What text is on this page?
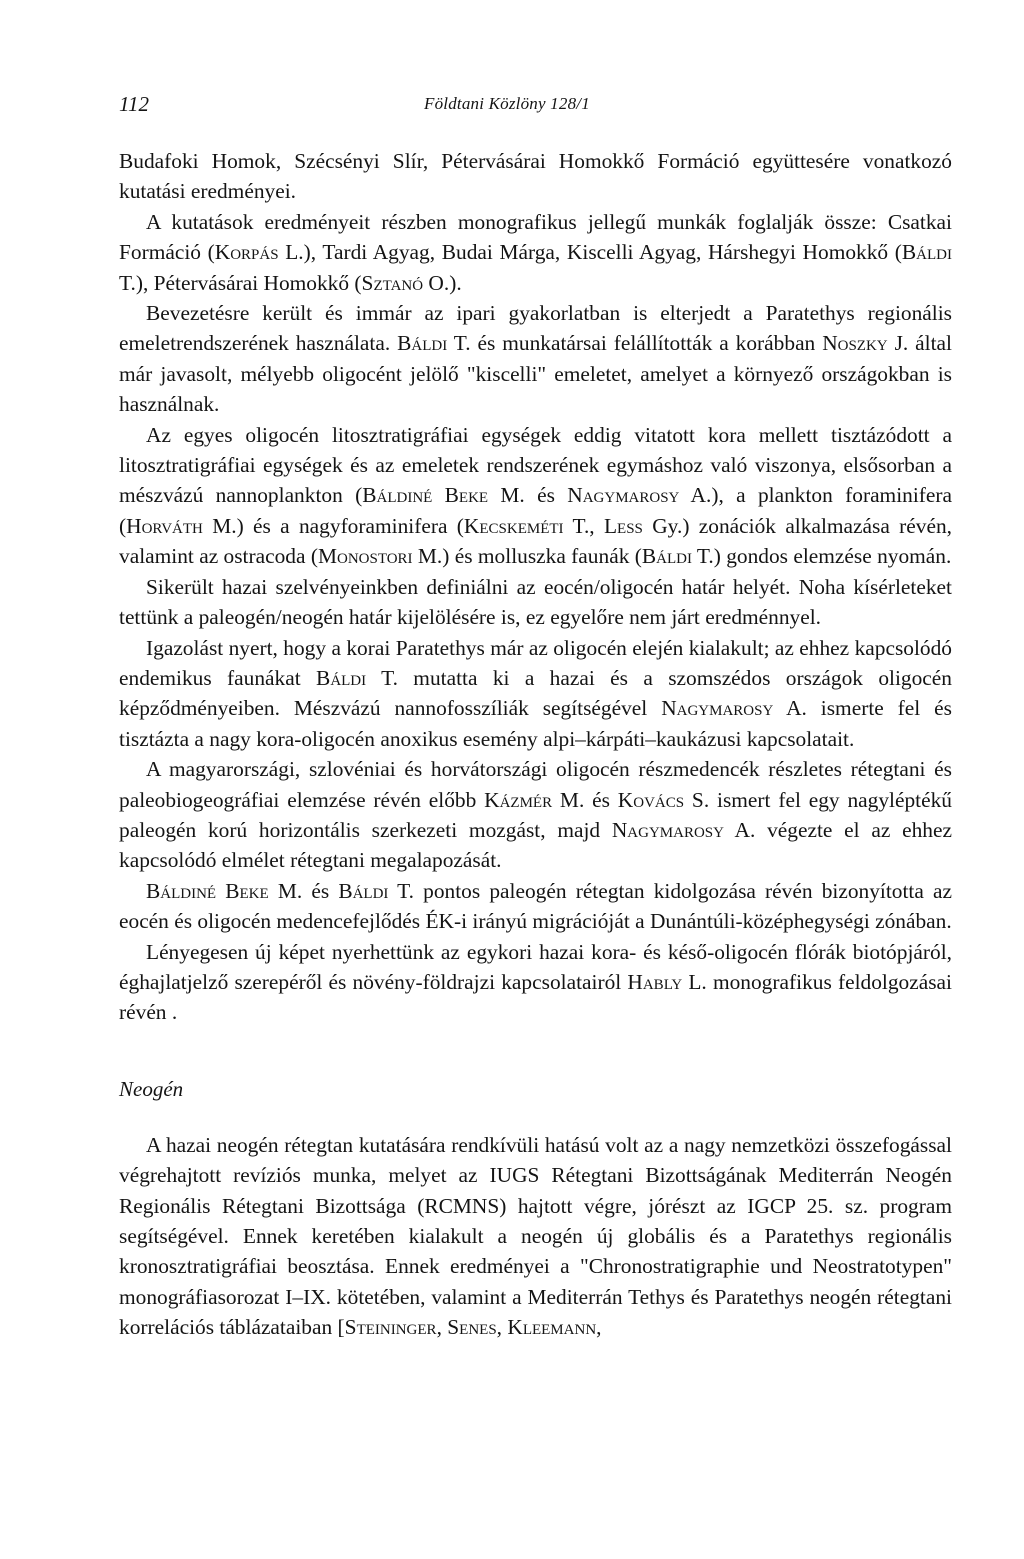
112	Földtani Közlöny 128/1

Budafoki Homok, Szécsényi Slír, Pétervásárai Homokkő Formáció együttesére vonatkozó kutatási eredményei.

A kutatások eredményeit részben monografikus jellegű munkák foglalják össze: Csatkai Formáció (Korpás L.), Tardi Agyag, Budai Márga, Kiscelli Agyag, Hárshegyi Homokkő (Báldi T.), Pétervásárai Homokkő (Sztanó O.).

Bevezetésre került és immár az ipari gyakorlatban is elterjedt a Paratethys regionális emeletrendszerének használata. Báldi T. és munkatársai felállították a korábban Noszky J. által már javasolt, mélyebb oligocént jelölő "kiscelli" emeletet, amelyet a környező országokban is használnak.

Az egyes oligocén litosztratigráfiai egységek eddig vitatott kora mellett tisztázódott a litosztratigráfiai egységek és az emeletek rendszerének egymáshoz való viszonya, elsősorban a mészvázú nannoplankton (Báldiné Beke M. és Nagymarosy A.), a plankton foraminifera (Horváth M.) és a nagyforaminifera (Kecskeméti T., Less Gy.) zonációk alkalmazása révén, valamint az ostracoda (Monostori M.) és molluszka faunák (Báldi T.) gondos elemzése nyomán.

Sikerült hazai szelvényeinkben definiálni az eocén/oligocén határ helyét. Noha kísérleteket tettünk a paleogén/neogén határ kijelölésére is, ez egyelőre nem járt eredménnyel.

Igazolást nyert, hogy a korai Paratethys már az oligocén elején kialakult; az ehhez kapcsolódó endemikus faunákat Báldi T. mutatta ki a hazai és a szomszédos országok oligocén képződményeiben. Mészvázú nannofosszíliák segítségével Nagymarosy A. ismerte fel és tisztázta a nagy kora-oligocén anoxikus esemény alpi–kárpáti–kaukázusi kapcsolatait.

A magyarországi, szlovéniai és horvátországi oligocén részmedencék részletes rétegtani és paleobiogeográfiai elemzése révén előbb Kázmér M. és Kovács S. ismert fel egy nagyléptékű paleogén korú horizontális szerkezeti mozgást, majd Nagymarosy A. végezte el az ehhez kapcsolódó elmélet rétegtani megalapozását.

Báldiné Beke M. és Báldi T. pontos paleogén rétegtan kidolgozása révén bizonyította az eocén és oligocén medencefejlődés ÉK-i irányú migrációját a Dunántúli-középhegységi zónában.

Lényegesen új képet nyerhettünk az egykori hazai kora- és késő-oligocén flórák biotópjáról, éghajlatjelző szerepéről és növény-földrajzi kapcsolatairól Hably L. monografikus feldolgozásai révén .

Neogén

A hazai neogén rétegtan kutatására rendkívüli hatású volt az a nagy nemzetközi összefogással végrehajtott revíziós munka, melyet az IUGS Rétegtani Bizottságának Mediterrán Neogén Regionális Rétegtani Bizottsága (RCMNS) hajtott végre, jórészt az IGCP 25. sz. program segítségével. Ennek keretében kialakult a neogén új globális és a Paratethys regionális kronosztratigráfiai beosztása. Ennek eredményei a "Chronostratigraphie und Neostratotypen" monográfiasorozat I–IX. kötetében, valamint a Mediterrán Tethys és Paratethys neogén rétegtani korrelációs táblázataiban [Steininger, Senes, Kleemann,
